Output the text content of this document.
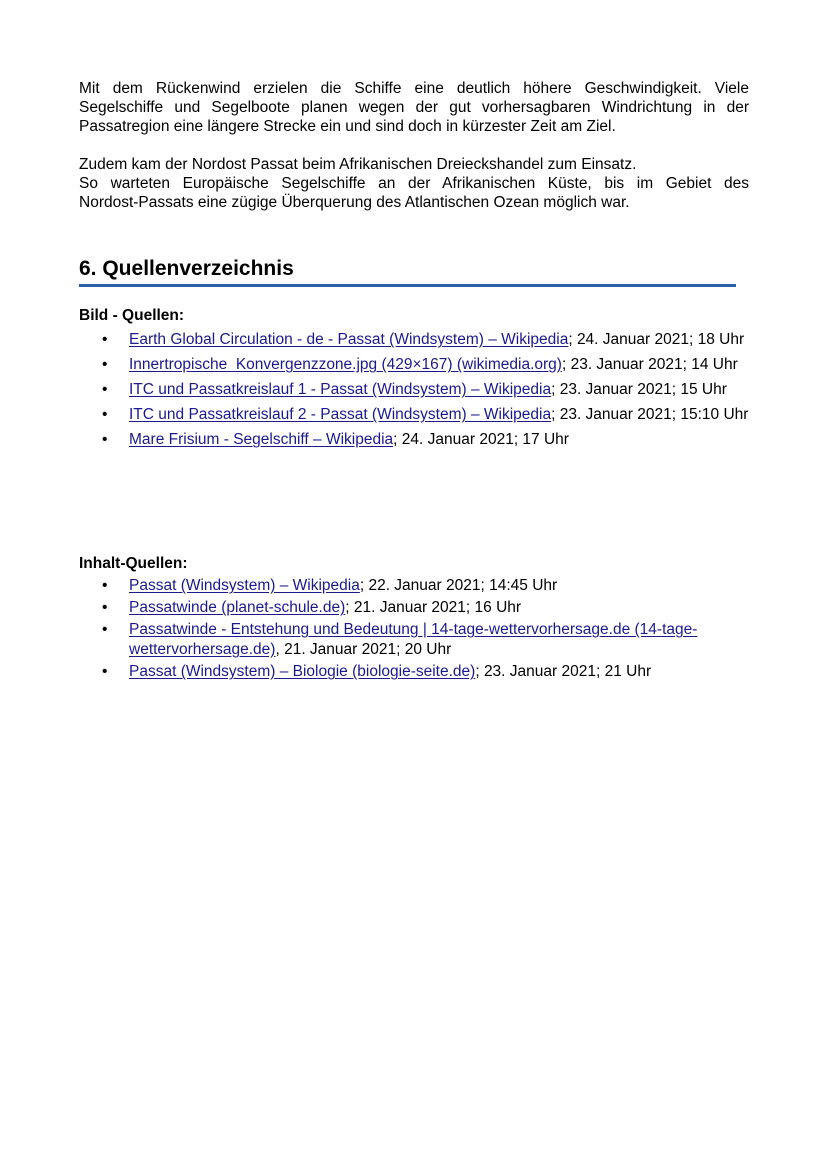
Mit dem Rückenwind erzielen die Schiffe eine deutlich höhere Geschwindigkeit. Viele
Segelschiffe und Segelboote planen wegen der gut vorhersagbaren Windrichtung in der
Passatregion eine längere Strecke ein und sind doch in kürzester Zeit am Ziel.

Zudem kam der Nordost Passat beim Afrikanischen Dreieckshandel zum Einsatz.
So warteten Europäische Segelschiffe an der Afrikanischen Küste, bis im Gebiet des
Nordost-Passats eine zügige Überquerung des Atlantischen Ozean möglich war.

6. Quellenverzeichnis

Bild - Quellen:

• Earth Global Circulation - de - Passat (Windsystem) – Wikipedia; 24. Januar 2021; 18 Uhr
• Innertropische_Konvergenzzone.jpg (429×167) (wikimedia.org); 23. Januar 2021; 14 Uhr
• ITC und Passatkreislauf 1 - Passat (Windsystem) – Wikipedia; 23. Januar 2021; 15 Uhr
• ITC und Passatkreislauf 2 - Passat (Windsystem) – Wikipedia; 23. Januar 2021; 15:10 Uhr
• Mare Frisium - Segelschiff – Wikipedia; 24. Januar 2021; 17 Uhr

Inhalt-Quellen:

• Passat (Windsystem) – Wikipedia; 22. Januar 2021; 14:45 Uhr
• Passatwinde (planet-schule.de); 21. Januar 2021; 16 Uhr
• Passatwinde - Entstehung und Bedeutung | 14-tage-wettervorhersage.de (14-tage-wettervorhersage.de), 21. Januar 2021; 20 Uhr
• Passat (Windsystem) – Biologie (biologie-seite.de); 23. Januar 2021; 21 Uhr
